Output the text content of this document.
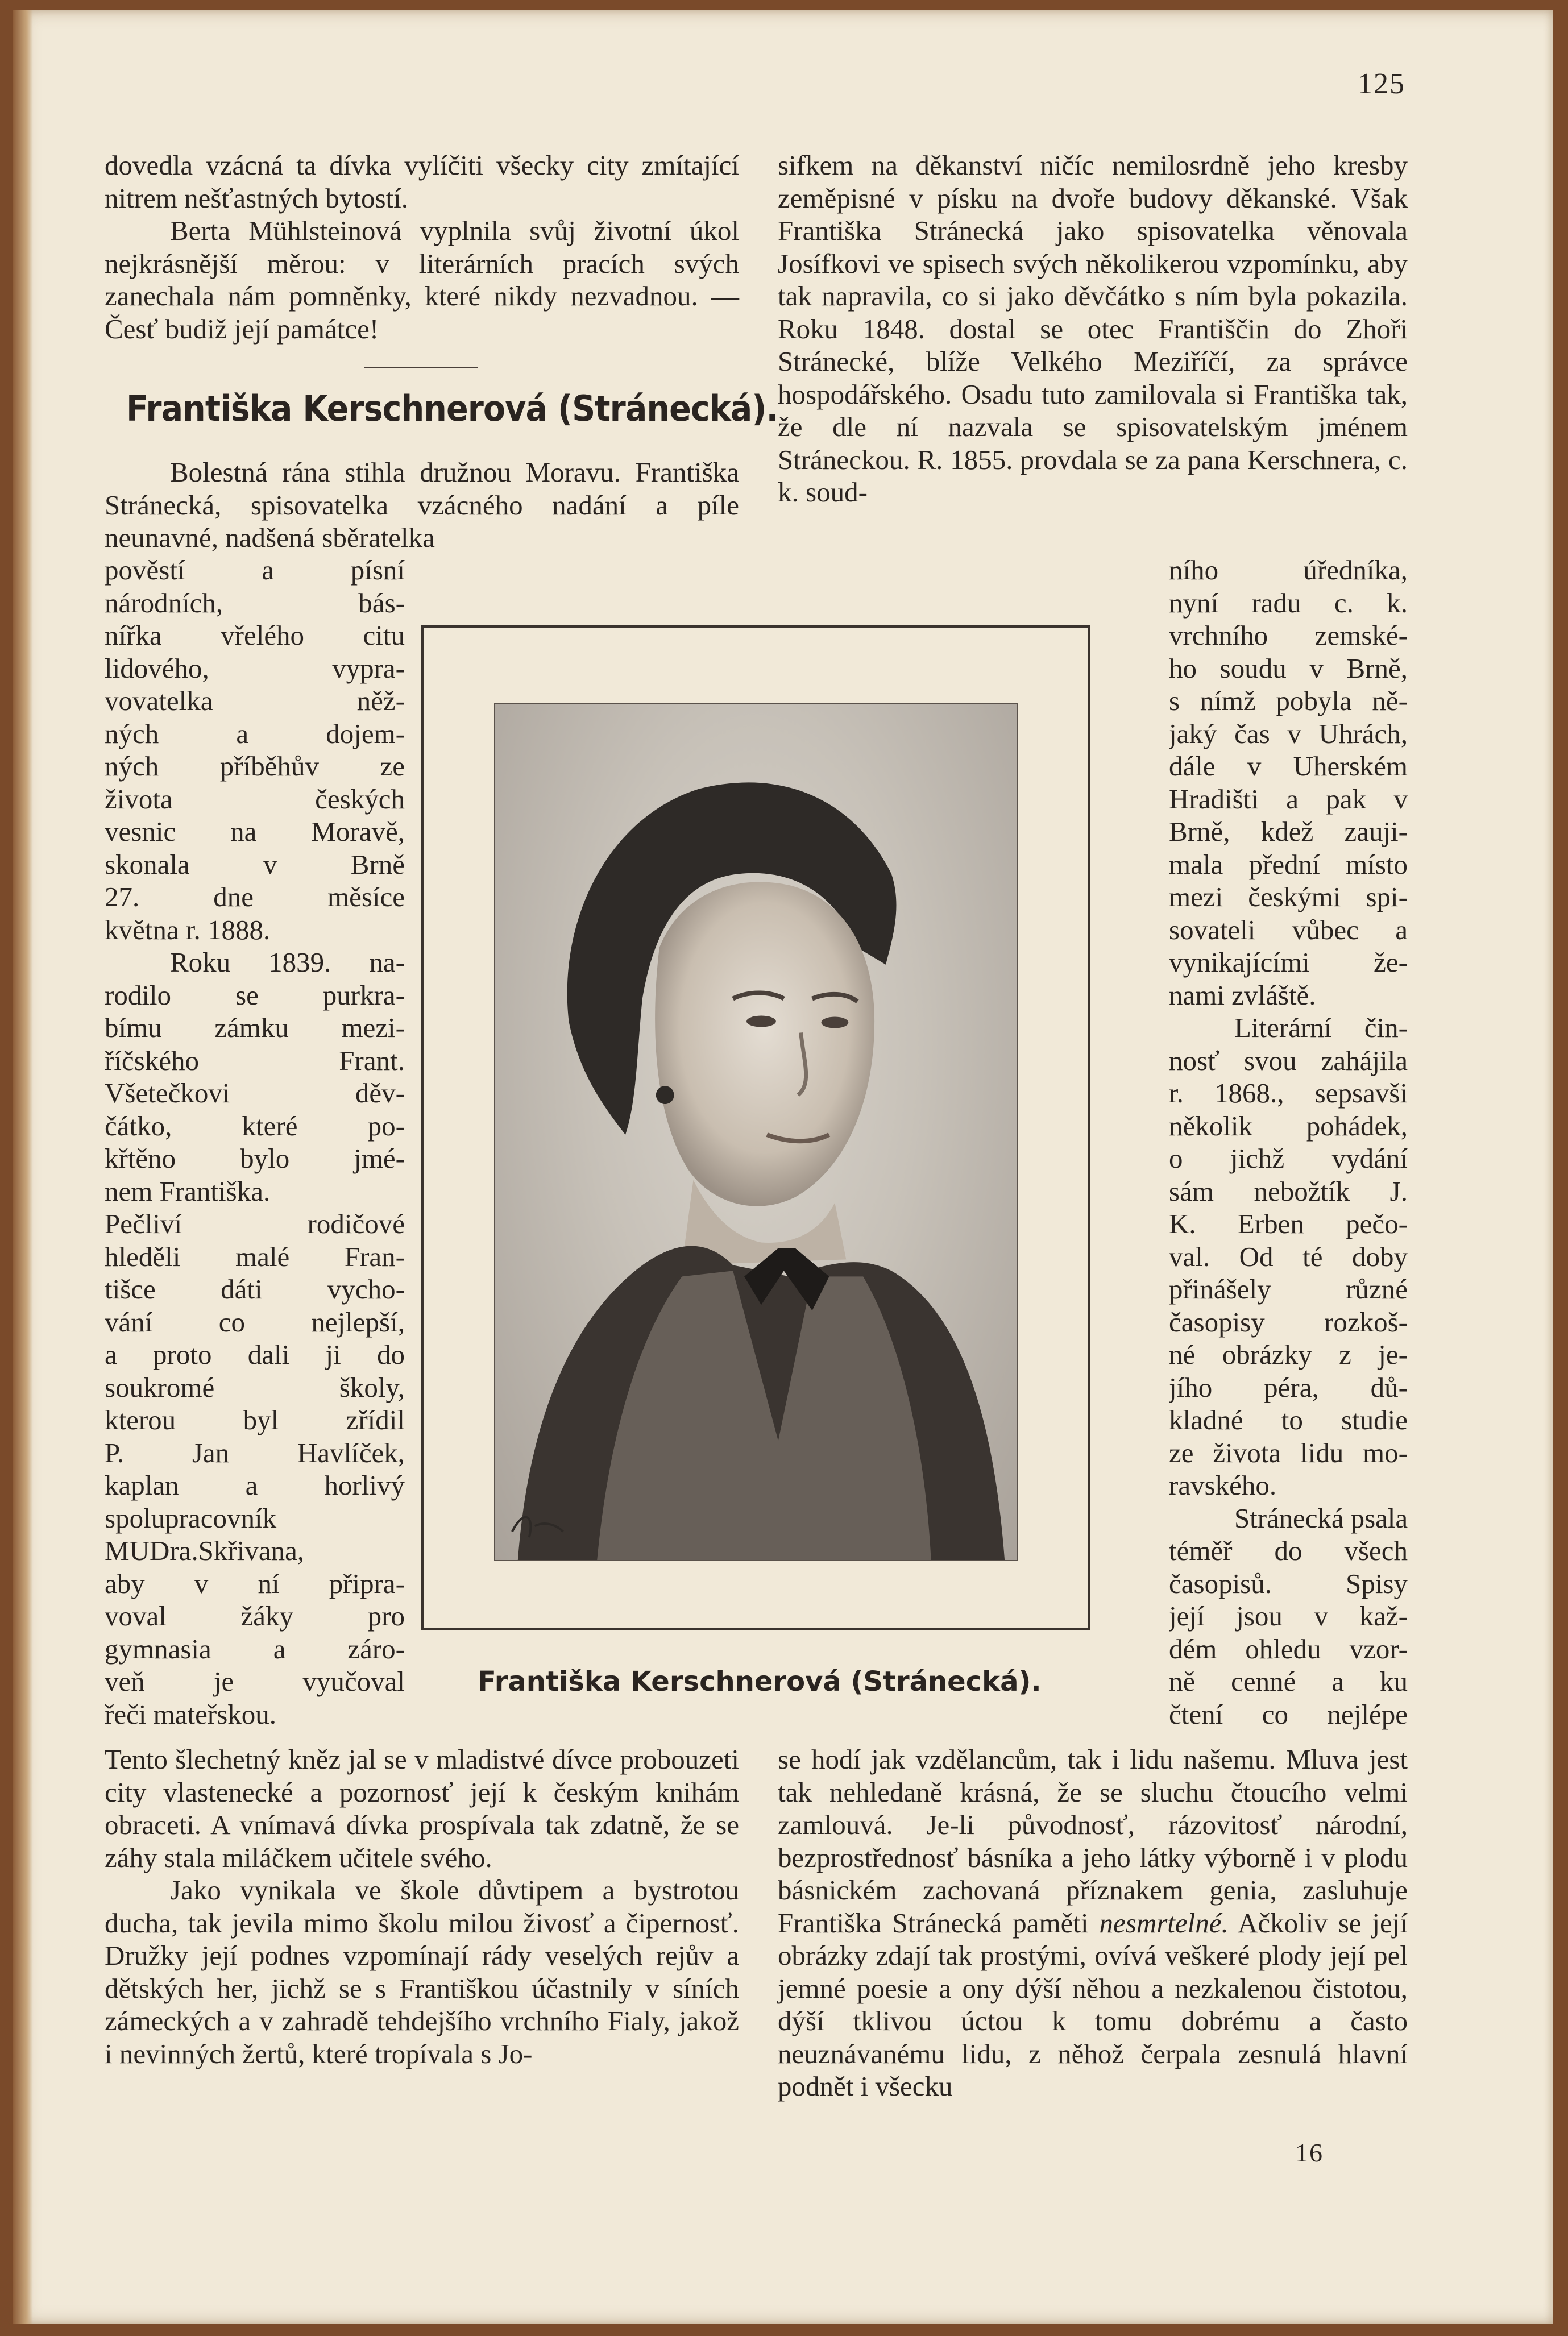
125

dovedla vzácná ta dívka vylíčiti všecky city zmítající nitrem nešťastných bytostí.

Berta Mühlsteinová vyplnila svůj životní úkol nejkrásnější měrou: v literárních pracích svých zanechala nám pomněnky, které nikdy nezvadnou. — Česť budiž její památce!

Františka Kerschnerová (Stránecká).

Bolestná rána stihla družnou Moravu. Františka Stránecká, spisovatelka vzácného nadání a píle neunavné, nadšená sběratelka

pověstí a písní
národních, bás-
nířka vřelého citu
lidového, vypra-
vovatelka něž-
ných a dojem-
ných příběhův ze
života českých
vesnic na Moravě,
skonala v Brně
27. dne měsíce
května r. 1888.
Roku 1839. na-
rodilo se purkra-
bímu zámku mezi-
říčského Frant.
Všetečkovi děv-
čátko, které po-
křtěno bylo jmé-
nem Františka.
Pečliví rodičové
hleděli malé Fran-
tišce dáti vycho-
vání co nejlepší,
a proto dali ji do
soukromé školy,
kterou byl zřídil
P. Jan Havlíček,
kaplan a horlivý
spolupracovník
MUDra.Skřivana,
aby v ní připra-
voval žáky pro
gymnasia a záro-
veň je vyučoval
řeči mateřskou.

Tento šlechetný kněz jal se v mladistvé dívce probouzeti city vlastenecké a pozornosť její k českým knihám obraceti. A vnímavá dívka prospívala tak zdatně, že se záhy stala miláčkem učitele svého.

Jako vynikala ve škole důvtipem a bystrotou ducha, tak jevila mimo školu milou živosť a čipernosť. Družky její podnes vzpomínají rády veselých rejův a dětských her, jichž se s Františkou účastnily v síních zámeckých a v zahradě tehdejšího vrchního Fialy, jakož i nevinných žertů, které tropívala s Jo-

sifkem na děkanství ničíc nemilosrdně jeho kresby zeměpisné v písku na dvoře budovy děkanské. Však Františka Stránecká jako spisovatelka věnovala Josífkovi ve spisech svých několikerou vzpomínku, aby tak napravila, co si jako děvčátko s ním byla pokazila. Roku 1848. dostal se otec Františčin do Zhoři Stránecké, blíže Velkého Meziříčí, za správce hospodářského. Osadu tuto zamilovala si Františka tak, že dle ní nazvala se spisovatelským jménem Stráneckou. R. 1855. provdala se za pana Kerschnera, c. k. soud-

ního úředníka,
nyní radu c. k.
vrchního zemské-
ho soudu v Brně,
s nímž pobyla ně-
jaký čas v Uhrách,
dále v Uherském
Hradišti a pak v
Brně, kdež zauji-
mala přední místo
mezi českými spi-
sovateli vůbec a
vynikajícími že-
nami zvláště.
Literární čin-
nosť svou zahájila
r. 1868., sepsavši
několik pohádek,
o jichž vydání
sám nebožtík J.
K. Erben pečo-
val. Od té doby
přinášely různé
časopisy rozkoš-
né obrázky z je-
jího péra, dů-
kladné to studie
ze života lidu mo-
ravského.
Stránecká psala
téměř do všech
časopisů. Spisy
její jsou v kaž-
dém ohledu vzor-
ně cenné a ku
čtení co nejlépe

se hodí jak vzdělancům, tak i lidu našemu. Mluva jest tak nehledaně krásná, že se sluchu čtoucího velmi zamlouvá. Je-li původnosť, rázovitosť národní, bezprostřednosť básníka a jeho látky výborně i v plodu básnickém zachovaná příznakem genia, zasluhuje Františka Stránecká paměti nesmrtelné. Ačkoliv se její obrázky zdají tak prostými, ovívá veškeré plody její pel jemné poesie a ony dýší něhou a nezkalenou čistotou, dýší tklivou úctou k tomu dobrému a často neuznávanému lidu, z něhož čerpala zesnulá hlavní podnět i všecku

16
Františka Kerschnerová (Stránecká).
